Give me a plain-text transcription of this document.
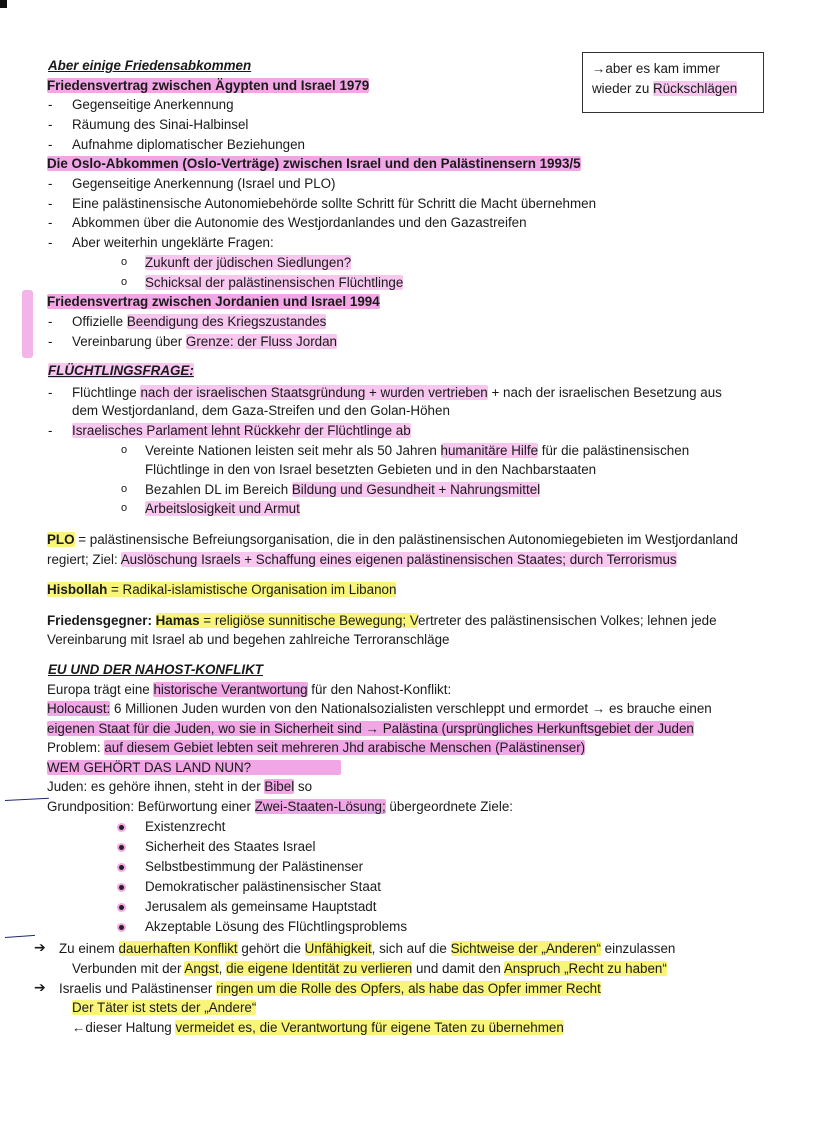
→aber es kam immer
wieder zu Rückschlägen
Aber einige Friedensabkommen
Friedensvertrag zwischen Ägypten und Israel 1979
- Gegenseitige Anerkennung
- Räumung des Sinai-Halbinsel
- Aufnahme diplomatischer Beziehungen
Die Oslo-Abkommen (Oslo-Verträge) zwischen Israel und den Palästinensern 1993/5
- Gegenseitige Anerkennung (Israel und PLO)
- Eine palästinensische Autonomiebehörde sollte Schritt für Schritt die Macht übernehmen
- Abkommen über die Autonomie des Westjordanlandes und den Gazastreifen
- Aber weiterhin ungeklärte Fragen:
o Zukunft der jüdischen Siedlungen?
o Schicksal der palästinensischen Flüchtlinge
Friedensvertrag zwischen Jordanien und Israel 1994
- Offizielle Beendigung des Kriegszustandes
- Vereinbarung über Grenze: der Fluss Jordan
FLÜCHTLINGSFRAGE:
- Flüchtlinge nach der israelischen Staatsgründung + wurden vertrieben + nach der israelischen Besetzung aus
dem Westjordanland, dem Gaza-Streifen und den Golan-Höhen
- Israelisches Parlament lehnt Rückkehr der Flüchtlinge ab
o Vereinte Nationen leisten seit mehr als 50 Jahren humanitäre Hilfe für die palästinensischen
Flüchtlinge in den von Israel besetzten Gebieten und in den Nachbarstaaten
o Bezahlen DL im Bereich Bildung und Gesundheit + Nahrungsmittel
o Arbeitslosigkeit und Armut
PLO = palästinensische Befreiungsorganisation, die in den palästinensischen Autonomiegebieten im Westjordanland
regiert; Ziel: Auslöschung Israels + Schaffung eines eigenen palästinensischen Staates; durch Terrorismus
Hisbollah = Radikal-islamistische Organisation im Libanon
Friedensgegner: Hamas = religiöse sunnitische Bewegung; Vertreter des palästinensischen Volkes; lehnen jede
Vereinbarung mit Israel ab und begehen zahlreiche Terroranschläge
EU UND DER NAHOST-KONFLIKT
Europa trägt eine historische Verantwortung für den Nahost-Konflikt:
Holocaust: 6 Millionen Juden wurden von den Nationalsozialisten verschleppt und ermordet → es brauche einen
eigenen Staat für die Juden, wo sie in Sicherheit sind → Palästina (ursprüngliches Herkunftsgebiet der Juden
Problem: auf diesem Gebiet lebten seit mehreren Jhd arabische Menschen (Palästinenser)
WEM GEHÖRT DAS LAND NUN?
Juden: es gehöre ihnen, steht in der Bibel so
Grundposition: Befürwortung einer Zwei-Staaten-Lösung; übergeordnete Ziele:
Existenzrecht
Sicherheit des Staates Israel
Selbstbestimmung der Palästinenser
Demokratischer palästinensischer Staat
Jerusalem als gemeinsame Hauptstadt
Akzeptable Lösung des Flüchtlingsproblems
➔ Zu einem dauerhaften Konflikt gehört die Unfähigkeit, sich auf die Sichtweise der „Anderen“ einzulassen
Verbunden mit der Angst, die eigene Identität zu verlieren und damit den Anspruch „Recht zu haben“
➔ Israelis und Palästinenser ringen um die Rolle des Opfers, als habe das Opfer immer Recht
Der Täter ist stets der „Andere“
←dieser Haltung vermeidet es, die Verantwortung für eigene Taten zu übernehmen
